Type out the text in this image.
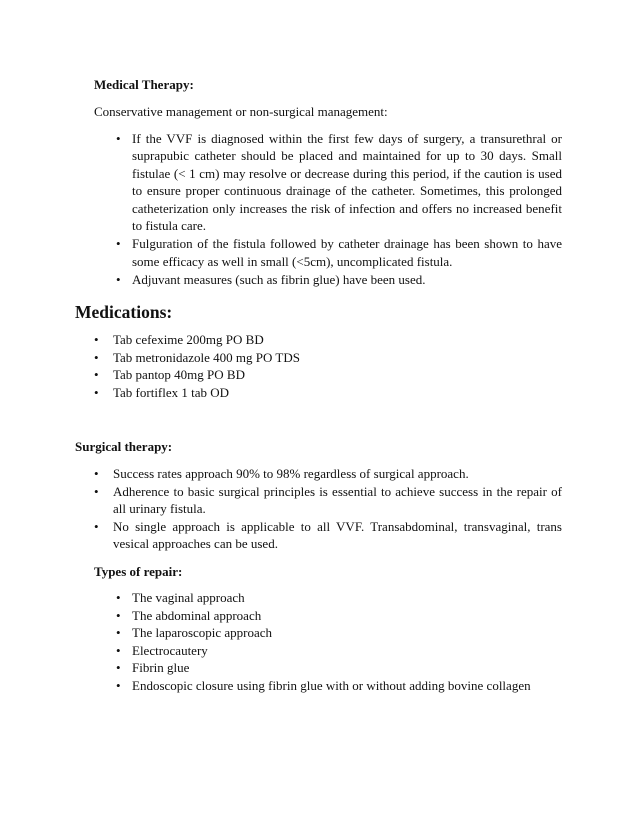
Medical Therapy:
Conservative management or non-surgical management:
• If the VVF is diagnosed within the first few days of surgery, a transurethral or suprapubic catheter should be placed and maintained for up to 30 days. Small fistulae (< 1 cm) may resolve or decrease during this period, if the caution is used to ensure proper continuous drainage of the catheter. Sometimes, this prolonged catheterization only increases the risk of infection and offers no increased benefit to fistula care.
• Fulguration of the fistula followed by catheter drainage has been shown to have some efficacy as well in small (<5cm), uncomplicated fistula.
• Adjuvant measures (such as fibrin glue) have been used.
Medications:
• Tab cefexime 200mg PO BD
• Tab metronidazole 400 mg PO TDS
• Tab pantop 40mg PO BD
• Tab fortiflex 1 tab OD
Surgical therapy:
• Success rates approach 90% to 98% regardless of surgical approach.
• Adherence to basic surgical principles is essential to achieve success in the repair of all urinary fistula.
• No single approach is applicable to all VVF. Transabdominal, transvaginal, trans vesical approaches can be used.
Types of repair:
• The vaginal approach
• The abdominal approach
• The laparoscopic approach
• Electrocautery
• Fibrin glue
• Endoscopic closure using fibrin glue with or without adding bovine collagen
